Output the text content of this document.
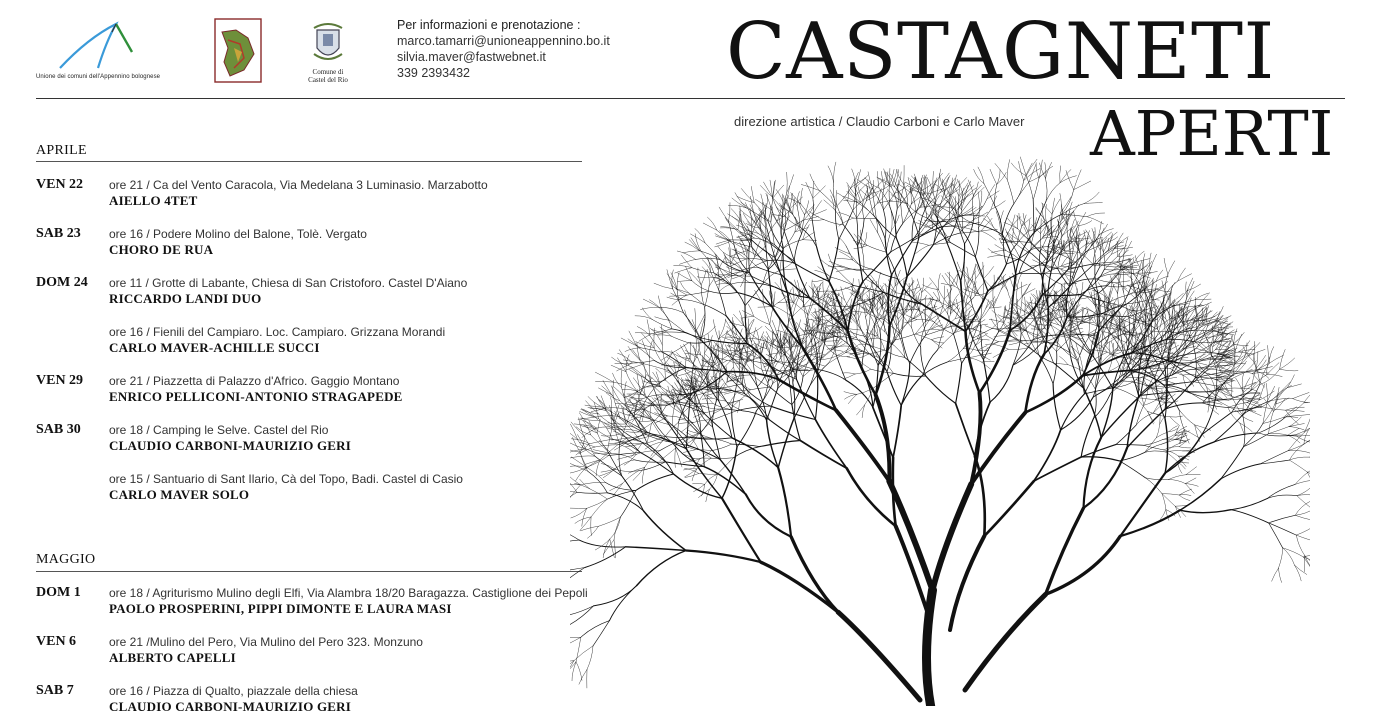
Unione dei comuni dell'Appennino bolognese
Comune di
Castel del Rio
Per informazioni e prenotazione :
marco.tamarri@unioneappennino.bo.it
silvia.maver@fastwebnet.it
339 2393432	CASTAGNETI
direzione artistica / Claudio Carboni e Carlo Maver APERTI
APRILE
VEN 22 ore 21 / Ca del Vento Caracola, Via Medelana 3 Luminasio. Marzabotto
AIELLO 4TET
SAB 23 ore 16 / Podere Molino del Balone, Tolè. Vergato
CHORO DE RUA
DOM 24 ore 11 / Grotte di Labante, Chiesa di San Cristoforo. Castel D'Aiano
RICCARDO LANDI DUO
ore 16 / Fienili del Campiaro. Loc. Campiaro. Grizzana Morandi
CARLO MAVER-ACHILLE SUCCI
VEN 29 ore 21 / Piazzetta di Palazzo d'Africo. Gaggio Montano
ENRICO PELLICONI-ANTONIO STRAGAPEDE
SAB 30 ore 18 / Camping le Selve. Castel del Rio
CLAUDIO CARBONI-MAURIZIO GERI
ore 15 / Santuario di Sant Ilario, Cà del Topo, Badi. Castel di Casio
CARLO MAVER SOLO
MAGGIO
DOM 1 ore 18 / Agriturismo Mulino degli Elfi, Via Alambra 18/20 Baragazza. Castiglione dei Pepoli
PAOLO PROSPERINI, PIPPI DIMONTE E LAURA MASI
VEN 6	ore 21 /Mulino del Pero, Via Mulino del Pero 323. Monzuno
ALBERTO CAPELLI
SAB 7	ore 16 / Piazza di Qualto, piazzale della chiesa
CLAUDIO CARBONI-MAURIZIO GERI
